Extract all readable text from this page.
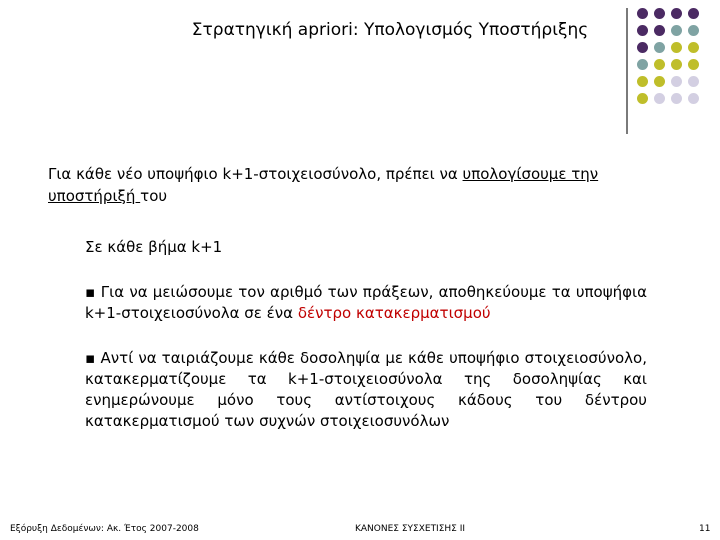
Στρατηγική apriori: Υπολογισμός Υποστήριξης
Για κάθε νέο υποψήφιο k+1-στοιχειοσύνολο, πρέπει να υπολογίσουμε την
υποστήριξή του
Σε κάθε βήμα k+1
▪ Για να μειώσουμε τον αριθμό των πράξεων, αποθηκεύουμε τα υποψήφια k+1-στοιχειοσύνολα σε ένα δέντρο κατακερματισμού
▪ Αντί να ταιριάζουμε κάθε δοσοληψία με κάθε υποψήφιο στοιχειοσύνολο, κατακερματίζουμε τα k+1-στοιχειοσύνολα της δοσοληψίας και ενημερώνουμε μόνο τους αντίστοιχους κάδους του δέντρου κατακερματισμού των συχνών στοιχειοσυνόλων
Εξόρυξη Δεδομένων: Ακ. Έτος 2007-2008	ΚΑΝΟΝΕΣ ΣΥΣΧΕΤΙΣΗΣ ΙΙ	11
